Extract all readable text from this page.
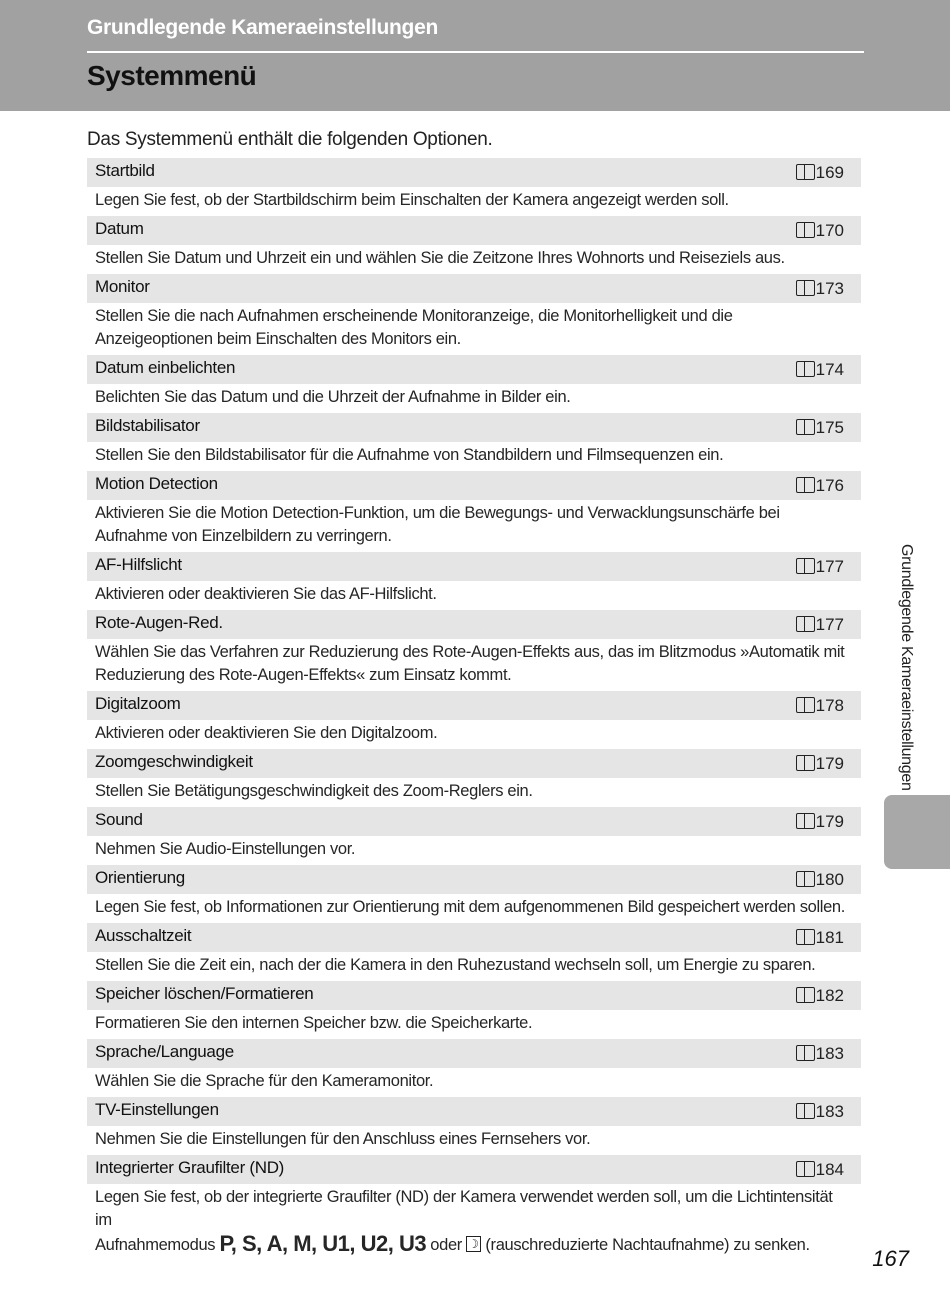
Grundlegende Kameraeinstellungen
Systemmenü
Das Systemmenü enthält die folgenden Optionen.
Startbild	169
Legen Sie fest, ob der Startbildschirm beim Einschalten der Kamera angezeigt werden soll.
Datum	170
Stellen Sie Datum und Uhrzeit ein und wählen Sie die Zeitzone Ihres Wohnorts und Reiseziels aus.
Monitor	173
Stellen Sie die nach Aufnahmen erscheinende Monitoranzeige, die Monitorhelligkeit und die Anzeigeoptionen beim Einschalten des Monitors ein.
Datum einbelichten	174
Belichten Sie das Datum und die Uhrzeit der Aufnahme in Bilder ein.
Bildstabilisator	175
Stellen Sie den Bildstabilisator für die Aufnahme von Standbildern und Filmsequenzen ein.
Motion Detection	176
Aktivieren Sie die Motion Detection-Funktion, um die Bewegungs- und Verwacklungsunschärfe bei Aufnahme von Einzelbildern zu verringern.
AF-Hilfslicht	177
Aktivieren oder deaktivieren Sie das AF-Hilfslicht.
Rote-Augen-Red.	177
Wählen Sie das Verfahren zur Reduzierung des Rote-Augen-Effekts aus, das im Blitzmodus »Automatik mit Reduzierung des Rote-Augen-Effekts« zum Einsatz kommt.
Digitalzoom	178
Aktivieren oder deaktivieren Sie den Digitalzoom.
Zoomgeschwindigkeit	179
Stellen Sie Betätigungsgeschwindigkeit des Zoom-Reglers ein.
Sound	179
Nehmen Sie Audio-Einstellungen vor.
Orientierung	180
Legen Sie fest, ob Informationen zur Orientierung mit dem aufgenommenen Bild gespeichert werden sollen.
Ausschaltzeit	181
Stellen Sie die Zeit ein, nach der die Kamera in den Ruhezustand wechseln soll, um Energie zu sparen.
Speicher löschen/Formatieren	182
Formatieren Sie den internen Speicher bzw. die Speicherkarte.
Sprache/Language	183
Wählen Sie die Sprache für den Kameramonitor.
TV-Einstellungen	183
Nehmen Sie die Einstellungen für den Anschluss eines Fernsehers vor.
Integrierter Graufilter (ND)	184
Legen Sie fest, ob der integrierte Graufilter (ND) der Kamera verwendet werden soll, um die Lichtintensität im
Aufnahmemodus P, S, A, M, U1, U2, U3 oder ☽ (rauschreduzierte Nachtaufnahme) zu senken.
Grundlegende Kameraeinstellungen
167
